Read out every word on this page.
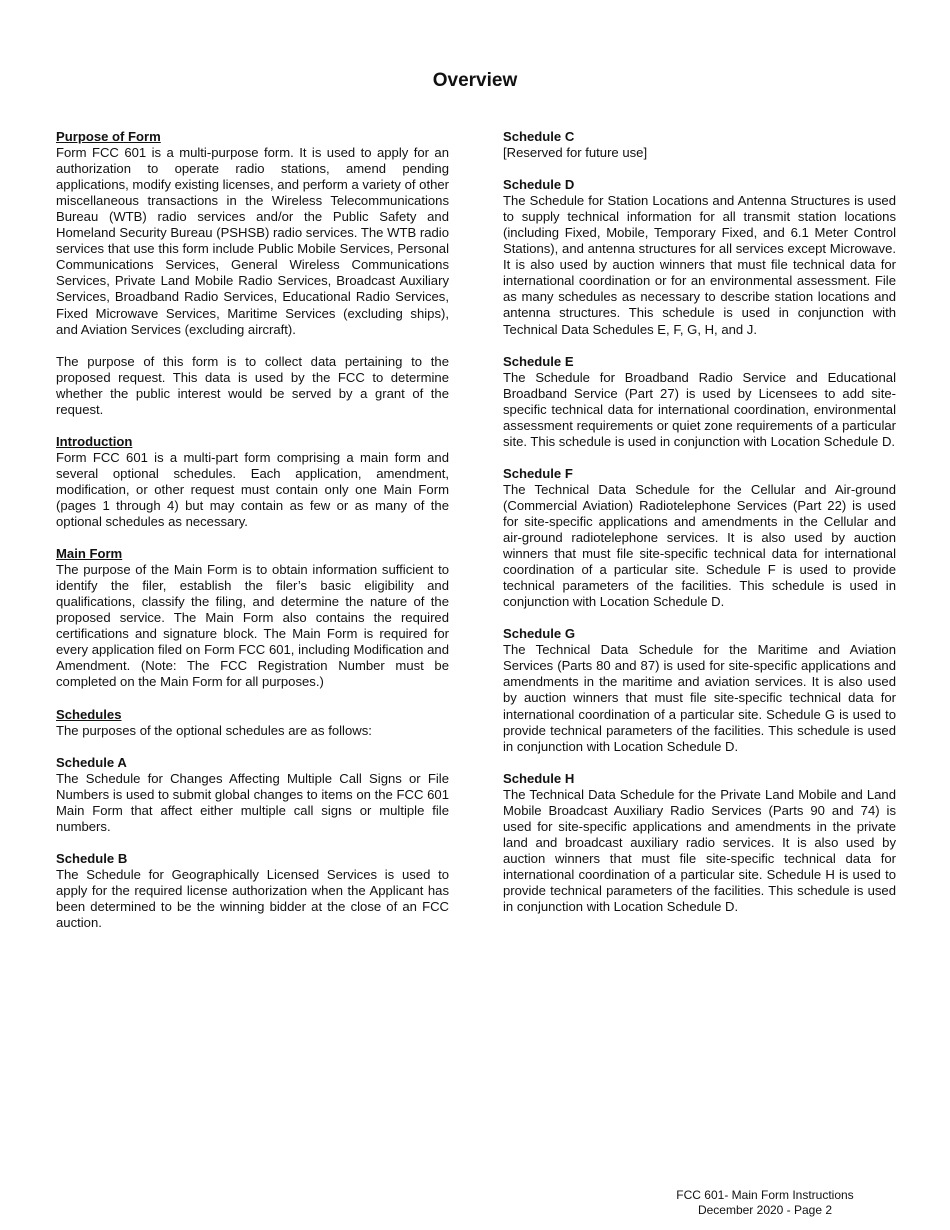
Overview
Purpose of Form

Form FCC 601 is a multi-purpose form. It is used to apply for an authorization to operate radio stations, amend pending applications, modify existing licenses, and perform a variety of other miscellaneous transactions in the Wireless Telecommunications Bureau (WTB) radio services and/or the Public Safety and Homeland Security Bureau (PSHSB) radio services. The WTB radio services that use this form include Public Mobile Services, Personal Communications Services, General Wireless Communications Services, Private Land Mobile Radio Services, Broadcast Auxiliary Services, Broadband Radio Services, Educational Radio Services, Fixed Microwave Services, Maritime Services (excluding ships), and Aviation Services (excluding aircraft).

The purpose of this form is to collect data pertaining to the proposed request. This data is used by the FCC to determine whether the public interest would be served by a grant of the request.

Introduction

Form FCC 601 is a multi-part form comprising a main form and several optional schedules. Each application, amendment, modification, or other request must contain only one Main Form (pages 1 through 4) but may contain as few or as many of the optional schedules as necessary.

Main Form

The purpose of the Main Form is to obtain information sufficient to identify the filer, establish the filer’s basic eligibility and qualifications, classify the filing, and determine the nature of the proposed service. The Main Form also contains the required certifications and signature block. The Main Form is required for every application filed on Form FCC 601, including Modification and Amendment. (Note: The FCC Registration Number must be completed on the Main Form for all purposes.)

Schedules

The purposes of the optional schedules are as follows:

Schedule A

The Schedule for Changes Affecting Multiple Call Signs or File Numbers is used to submit global changes to items on the FCC 601 Main Form that affect either multiple call signs or multiple file numbers.

Schedule B

The Schedule for Geographically Licensed Services is used to apply for the required license authorization when the Applicant has been determined to be the winning bidder at the close of an FCC auction.

Schedule C

[Reserved for future use]

Schedule D

The Schedule for Station Locations and Antenna Structures is used to supply technical information for all transmit station locations (including Fixed, Mobile, Temporary Fixed, and 6.1 Meter Control Stations), and antenna structures for all services except Microwave. It is also used by auction winners that must file technical data for international coordination or for an environmental assessment. File as many schedules as necessary to describe station locations and antenna structures. This schedule is used in conjunction with Technical Data Schedules E, F, G, H, and J.

Schedule E

The Schedule for Broadband Radio Service and Educational Broadband Service (Part 27) is used by Licensees to add site-specific technical data for international coordination, environmental assessment requirements or quiet zone requirements of a particular site. This schedule is used in conjunction with Location Schedule D.

Schedule F

The Technical Data Schedule for the Cellular and Air-ground (Commercial Aviation) Radiotelephone Services (Part 22) is used for site-specific applications and amendments in the Cellular and air-ground radiotelephone services. It is also used by auction winners that must file site-specific technical data for international coordination of a particular site. Schedule F is used to provide technical parameters of the facilities. This schedule is used in conjunction with Location Schedule D.

Schedule G

The Technical Data Schedule for the Maritime and Aviation Services (Parts 80 and 87) is used for site-specific applications and amendments in the maritime and aviation services. It is also used by auction winners that must file site-specific technical data for international coordination of a particular site. Schedule G is used to provide technical parameters of the facilities. This schedule is used in conjunction with Location Schedule D.

Schedule H

The Technical Data Schedule for the Private Land Mobile and Land Mobile Broadcast Auxiliary Radio Services (Parts 90 and 74) is used for site-specific applications and amendments in the private land and broadcast auxiliary radio services. It is also used by auction winners that must file site-specific technical data for international coordination of a particular site. Schedule H is used to provide technical parameters of the facilities. This schedule is used in conjunction with Location Schedule D.

FCC 601- Main Form Instructions
December 2020 - Page 2
